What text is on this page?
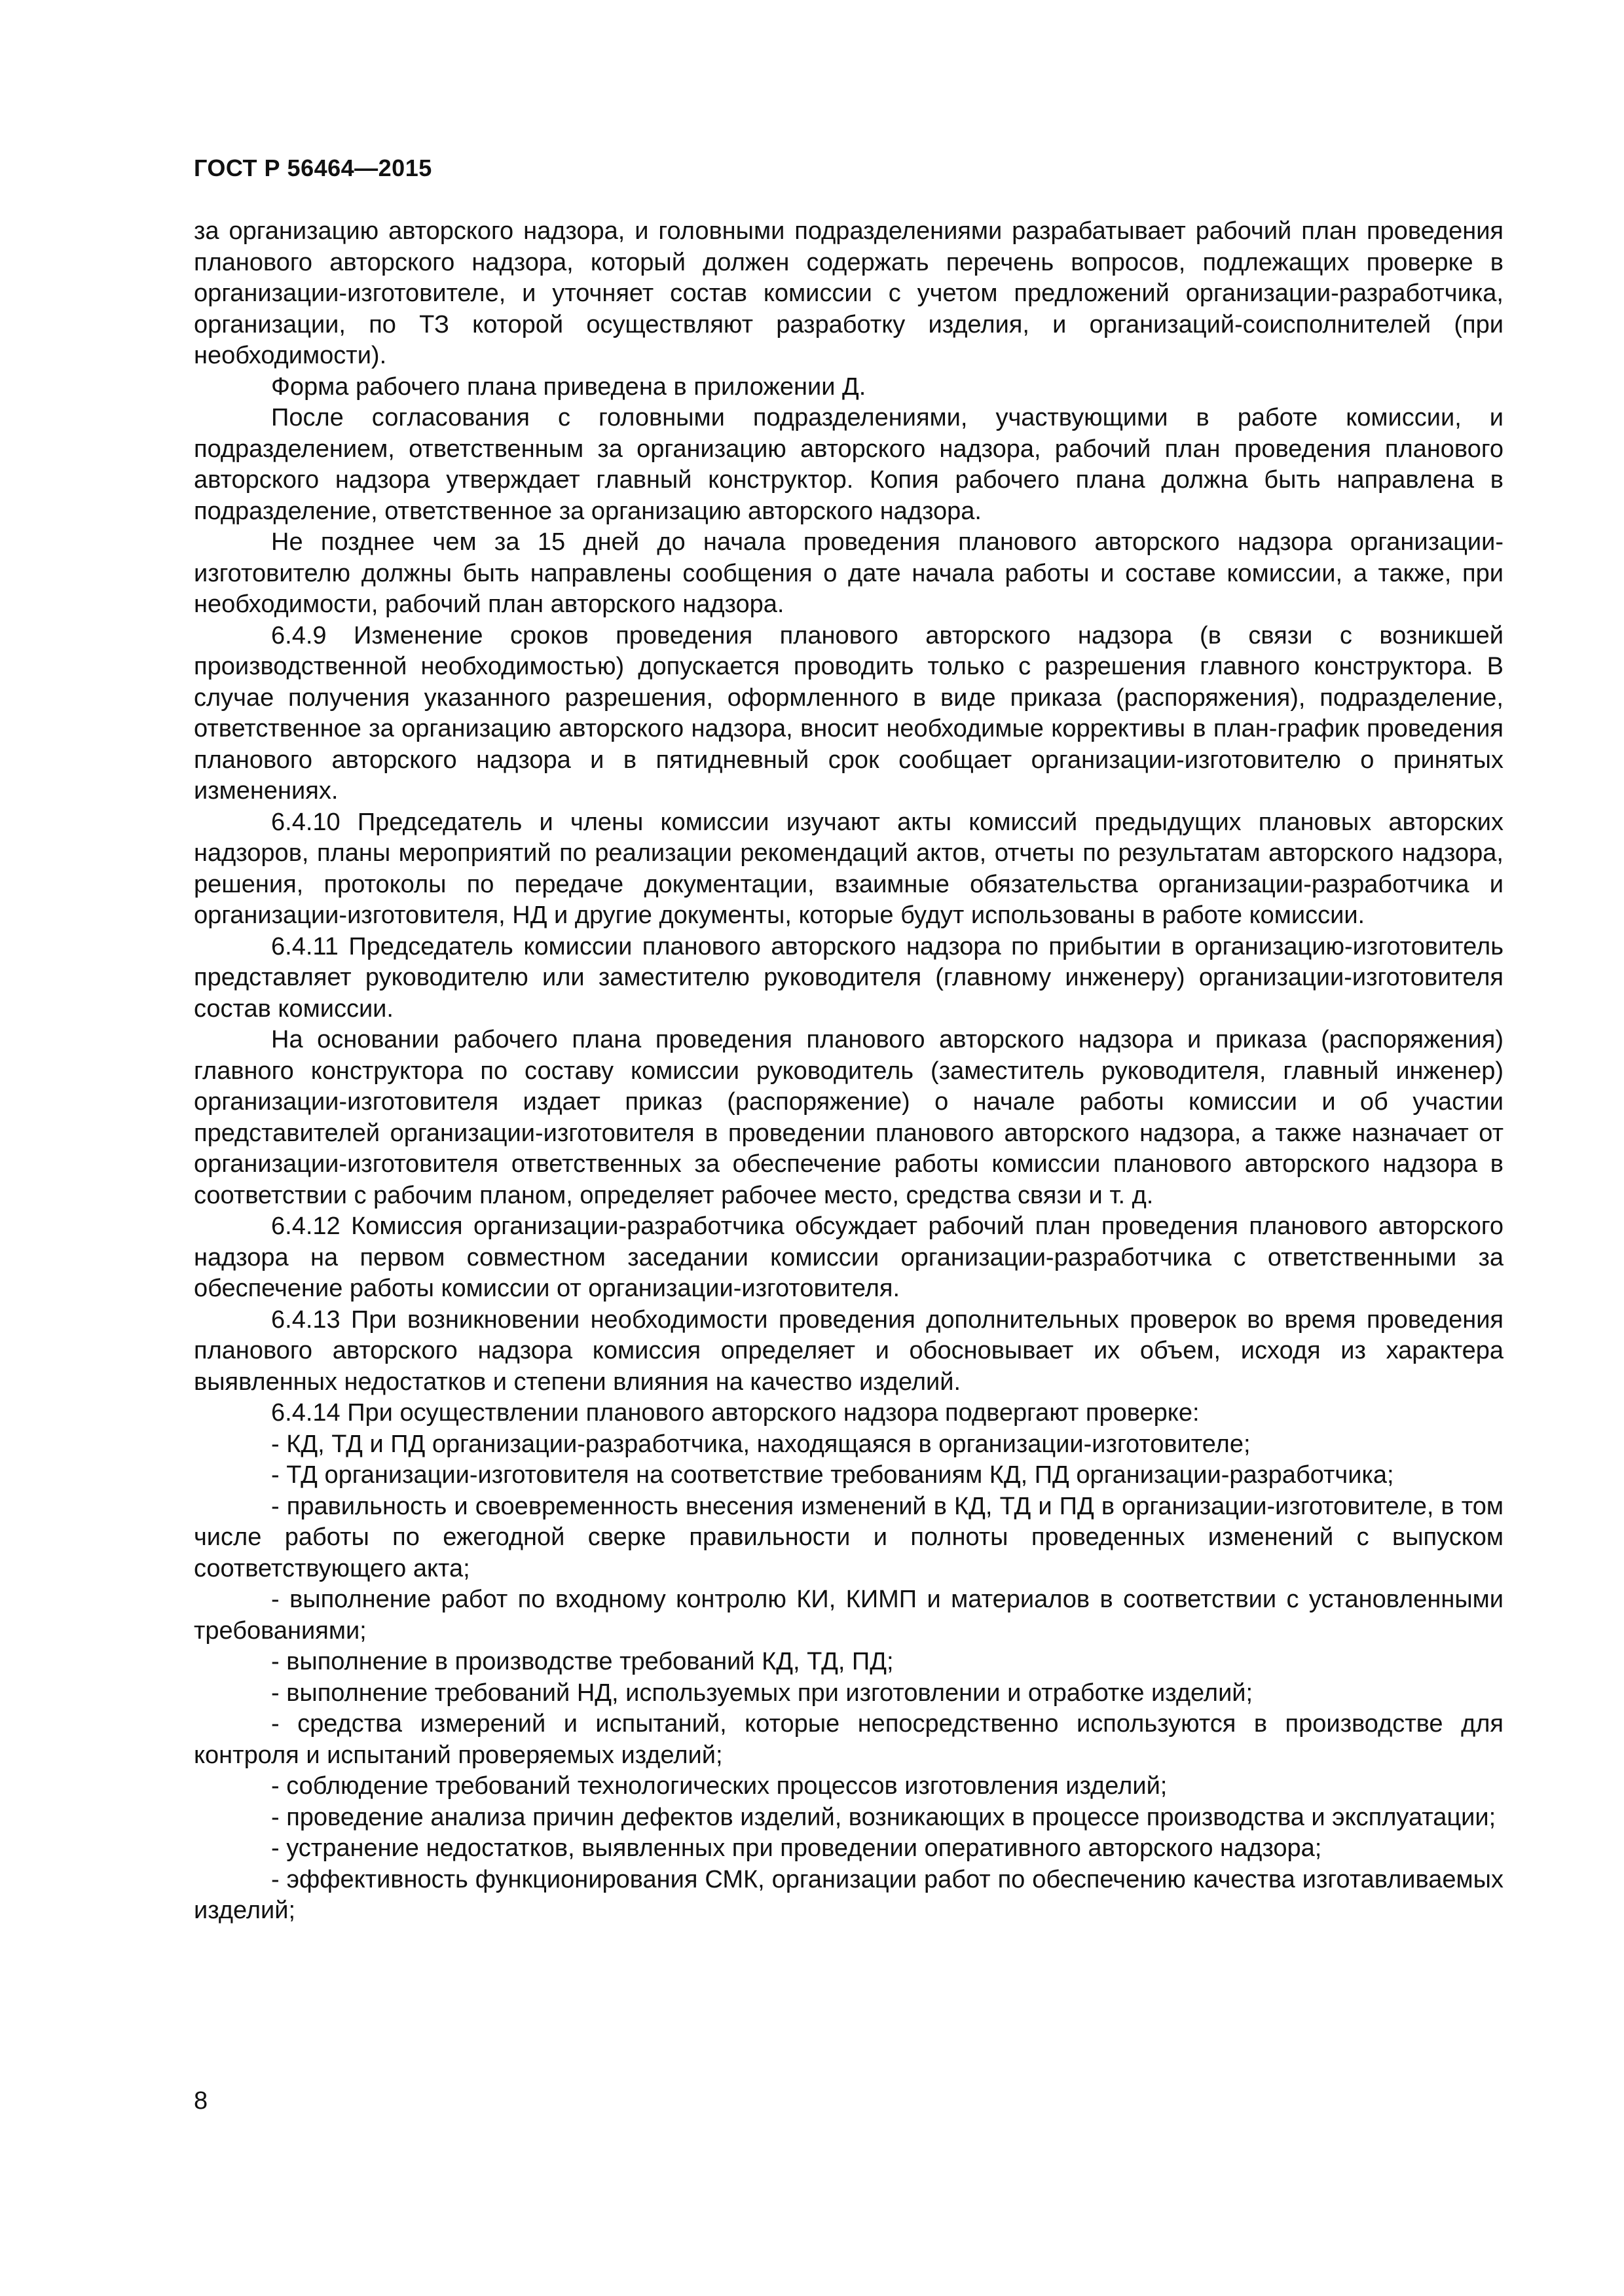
ГОСТ Р 56464—2015

за организацию авторского надзора, и головными подразделениями разрабатывает рабочий план проведения планового авторского надзора, который должен содержать перечень вопросов, подлежащих проверке в организации-изготовителе, и уточняет состав комиссии с учетом предложений организации-разработчика, организации, по ТЗ которой осуществляют разработку изделия, и организаций-соисполнителей (при необходимости).

Форма рабочего плана приведена в приложении Д.

После согласования с головными подразделениями, участвующими в работе комиссии, и подразделением, ответственным за организацию авторского надзора, рабочий план проведения планового авторского надзора утверждает главный конструктор. Копия рабочего плана должна быть направлена в подразделение, ответственное за организацию авторского надзора.

Не позднее чем за 15 дней до начала проведения планового авторского надзора организации-изготовителю должны быть направлены сообщения о дате начала работы и составе комиссии, а также, при необходимости, рабочий план авторского надзора.

6.4.9 Изменение сроков проведения планового авторского надзора (в связи с возникшей производственной необходимостью) допускается проводить только с разрешения главного конструктора. В случае получения указанного разрешения, оформленного в виде приказа (распоряжения), подразделение, ответственное за организацию авторского надзора, вносит необходимые коррективы в план-график проведения планового авторского надзора и в пятидневный срок сообщает организации-изготовителю о принятых изменениях.

6.4.10 Председатель и члены комиссии изучают акты комиссий предыдущих плановых авторских надзоров, планы мероприятий по реализации рекомендаций актов, отчеты по результатам авторского надзора, решения, протоколы по передаче документации, взаимные обязательства организации-разработчика и организации-изготовителя, НД и другие документы, которые будут использованы в работе комиссии.

6.4.11 Председатель комиссии планового авторского надзора по прибытии в организацию-изготовитель представляет руководителю или заместителю руководителя (главному инженеру) организации-изготовителя состав комиссии.

На основании рабочего плана проведения планового авторского надзора и приказа (распоряжения) главного конструктора по составу комиссии руководитель (заместитель руководителя, главный инженер) организации-изготовителя издает приказ (распоряжение) о начале работы комиссии и об участии представителей организации-изготовителя в проведении планового авторского надзора, а также назначает от организации-изготовителя ответственных за обеспечение работы комиссии планового авторского надзора в соответствии с рабочим планом, определяет рабочее место, средства связи и т. д.

6.4.12 Комиссия организации-разработчика обсуждает рабочий план проведения планового авторского надзора на первом совместном заседании комиссии организации-разработчика с ответственными за обеспечение работы комиссии от организации-изготовителя.

6.4.13 При возникновении необходимости проведения дополнительных проверок во время проведения планового авторского надзора комиссия определяет и обосновывает их объем, исходя из характера выявленных недостатков и степени влияния на качество изделий.

6.4.14 При осуществлении планового авторского надзора подвергают проверке:

- КД, ТД и ПД организации-разработчика, находящаяся в организации-изготовителе;

- ТД организации-изготовителя на соответствие требованиям КД, ПД организации-разработчика;

- правильность и своевременность внесения изменений в КД, ТД и ПД в организации-изготовителе, в том числе работы по ежегодной сверке правильности и полноты проведенных изменений с выпуском соответствующего акта;

- выполнение работ по входному контролю КИ, КИМП и материалов в соответствии с установленными требованиями;

- выполнение в производстве требований КД, ТД, ПД;

- выполнение требований НД, используемых при изготовлении и отработке изделий;

- средства измерений и испытаний, которые непосредственно используются в производстве для контроля и испытаний проверяемых изделий;

- соблюдение требований технологических процессов изготовления изделий;

- проведение анализа причин дефектов изделий, возникающих в процессе производства и эксплуатации;

- устранение недостатков, выявленных при проведении оперативного авторского надзора;

- эффективность функционирования СМК, организации работ по обеспечению качества изготавливаемых изделий;

8
